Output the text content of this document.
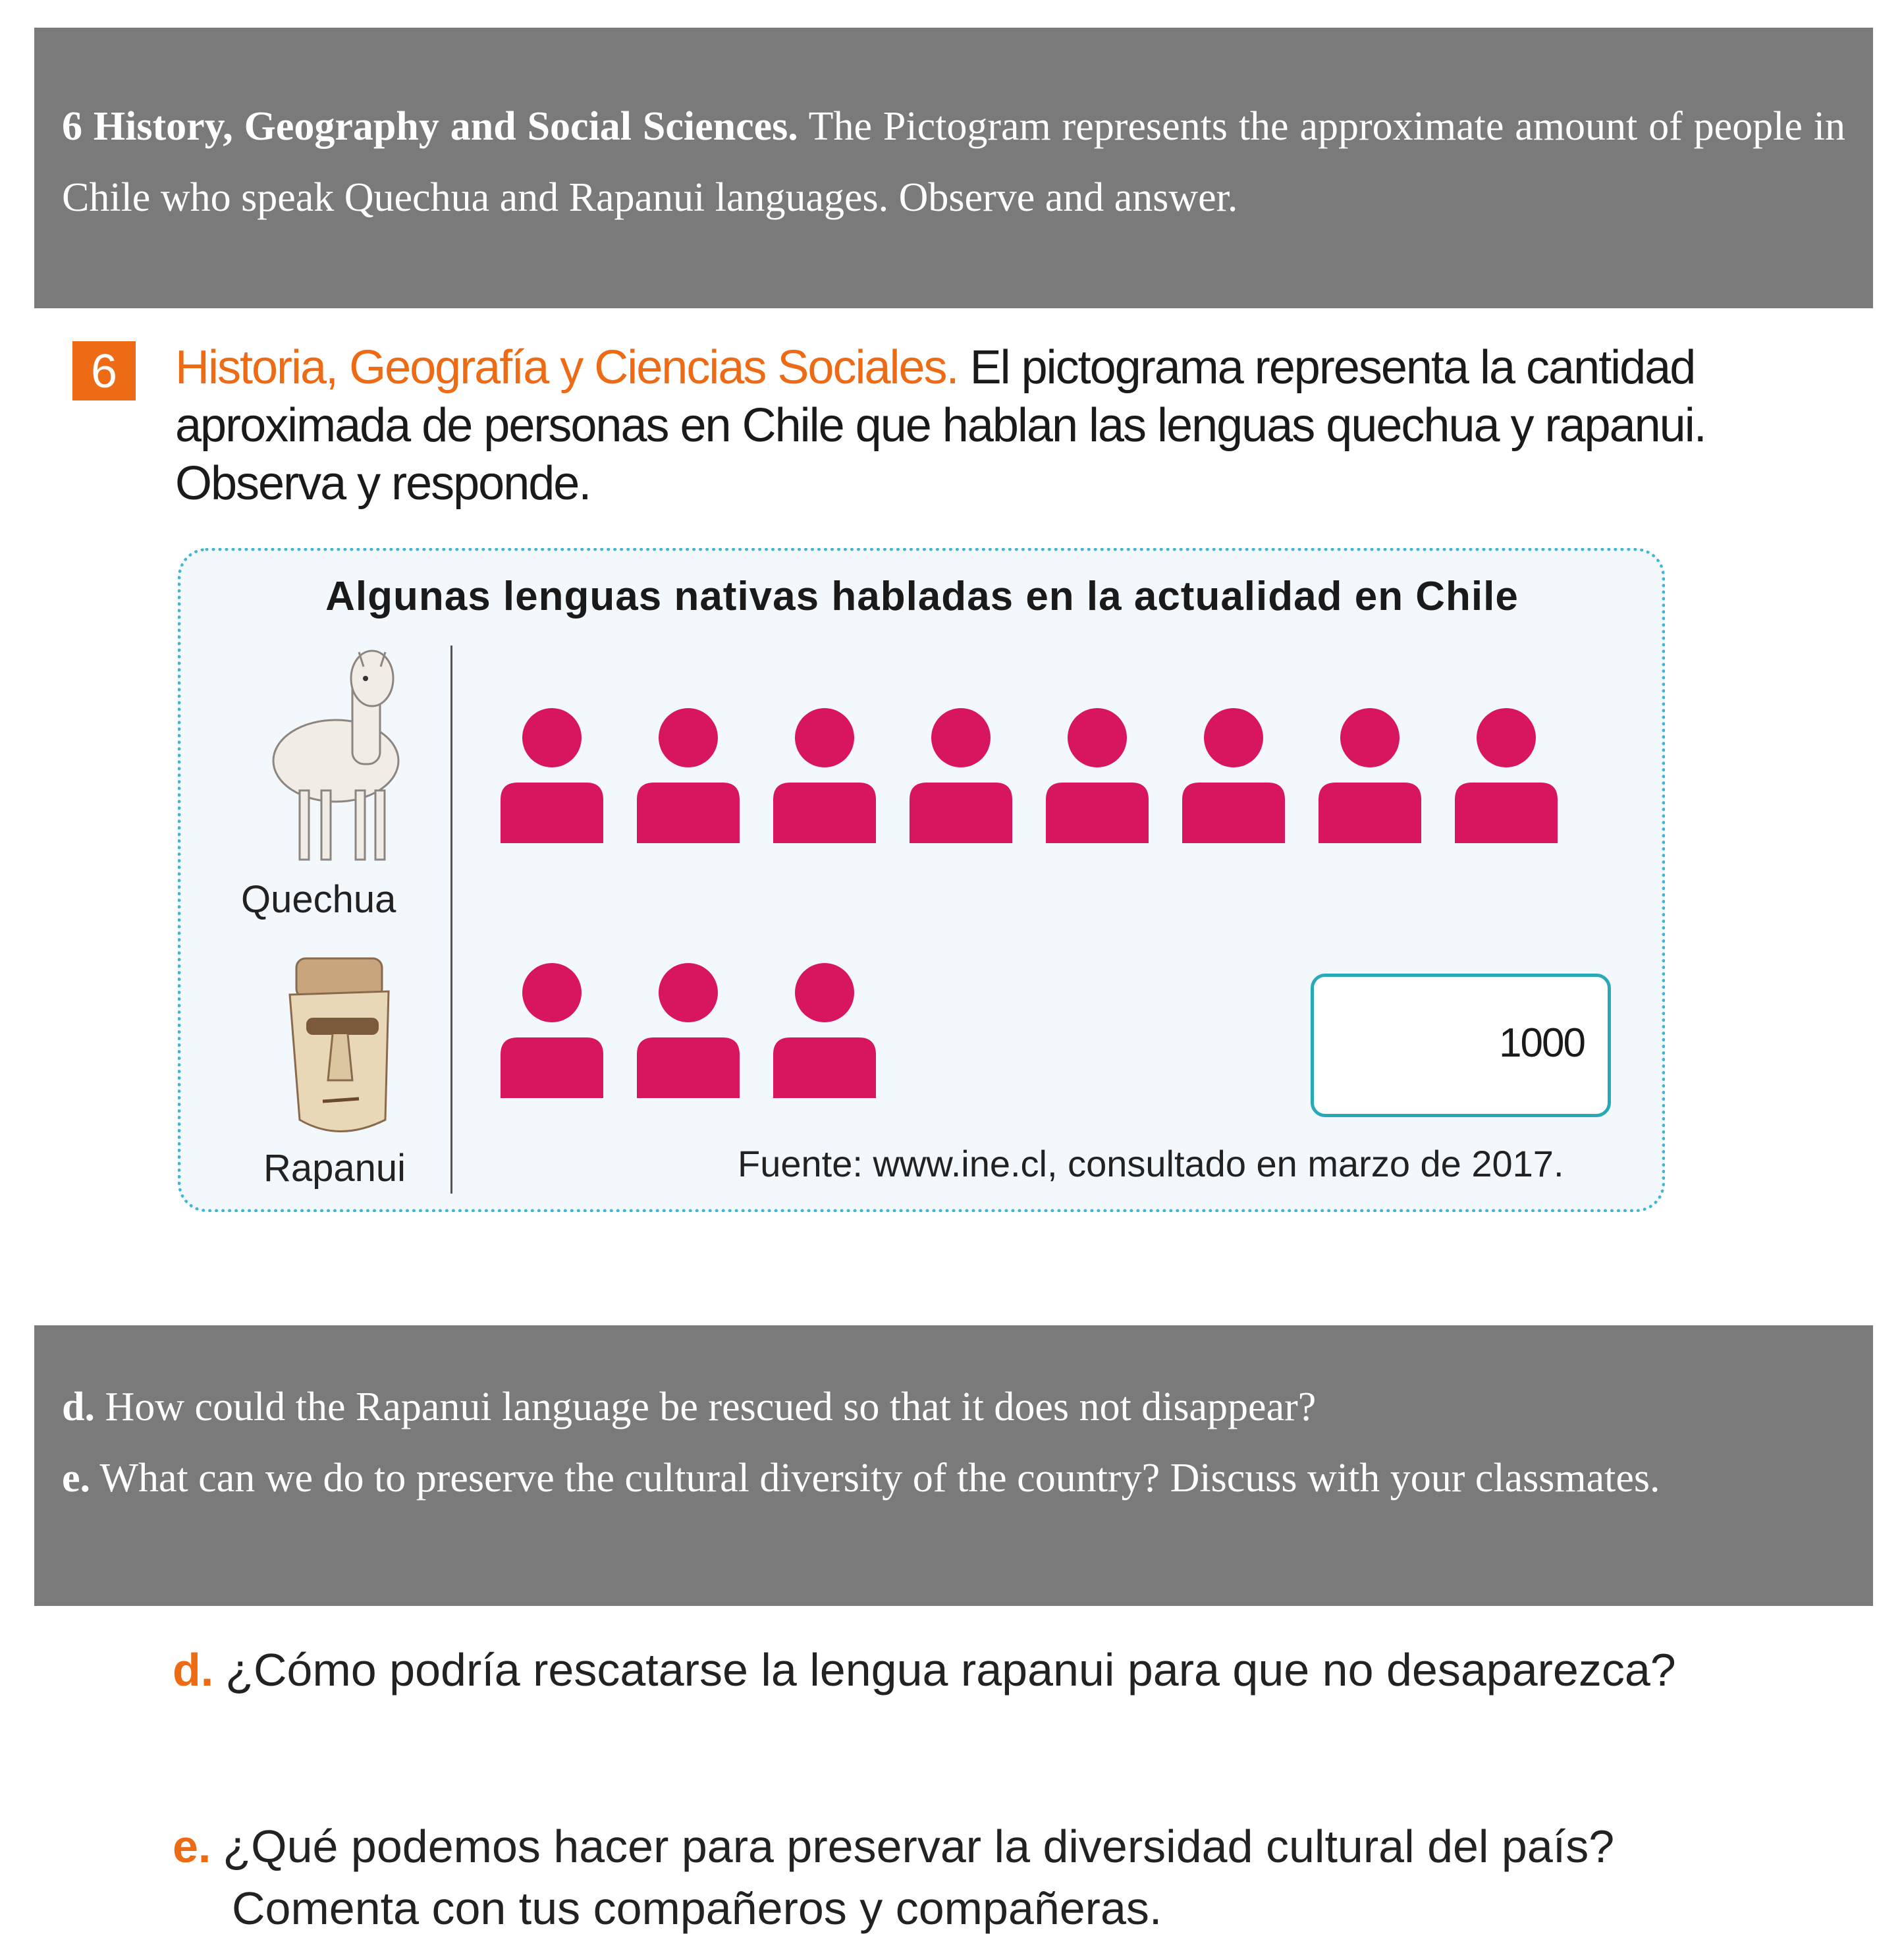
6 History, Geography and Social Sciences. The Pictogram represents the approximate amount of people in Chile who speak Quechua and Rapanui languages. Observe and answer.
6	Historia, Geografía y Ciencias Sociales. El pictograma representa la cantidad
aproximada de personas en Chile que hablan las lenguas quechua y rapanui.
Observa y responde.
Algunas lenguas nativas habladas en la actualidad en Chile
Quechua
Rapanui
1000
Fuente: www.ine.cl, consultado en marzo de 2017.

d. How could the Rapanui language be rescued so that it does not disappear?

e. What can we do to preserve the cultural diversity of the country? Discuss with your classmates.

d. ¿Cómo podría rescatarse la lengua rapanui para que no desaparezca?
e. ¿Qué podemos hacer para preservar la diversidad cultural del país?

Comenta con tus compañeros y compañeras.
